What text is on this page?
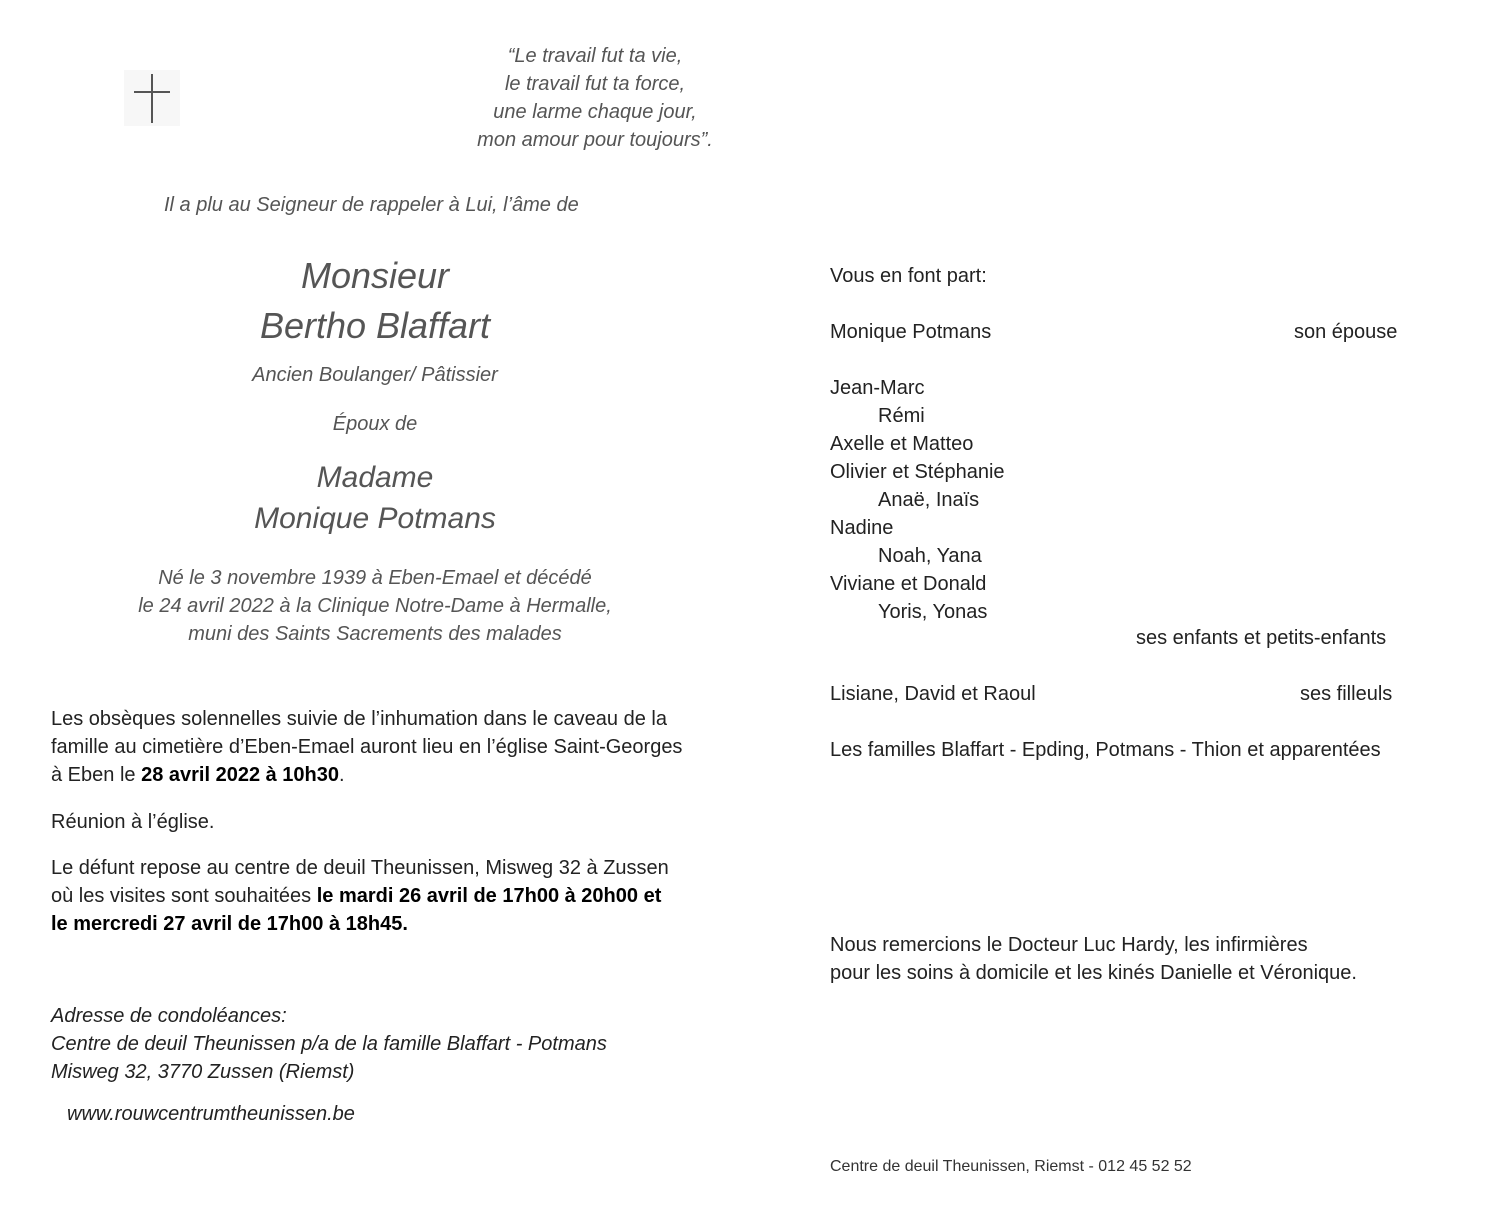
“Le travail fut ta vie,
le travail fut ta force,
une larme chaque jour,
mon amour pour toujours”.
Il a plu au Seigneur de rappeler à Lui, l’âme de
Monsieur
Bertho Blaffart
Ancien Boulanger/ Pâtissier
Époux de
Madame
Monique Potmans
Né le 3 novembre 1939 à Eben-Emael et décédé
le 24 avril 2022 à la Clinique Notre-Dame à Hermalle,
muni des Saints Sacrements des malades
Les obsèques solennelles suivie de l’inhumation dans le caveau de la
famille au cimetière d’Eben-Emael auront lieu en l’église Saint-Georges
à Eben le 28 avril 2022 à 10h30.
Réunion à l’église.
Le défunt repose au centre de deuil Theunissen, Misweg 32 à Zussen
où les visites sont souhaitées le mardi 26 avril de 17h00 à 20h00 et
le mercredi 27 avril de 17h00 à 18h45.
Adresse de condoléances:
Centre de deuil Theunissen p/a de la famille Blaffart - Potmans
Misweg 32, 3770 Zussen (Riemst)
www.rouwcentrumtheunissen.be
Vous en font part:
Monique Potmans	son épouse
Jean-Marc
Rémi
Axelle et Matteo
Olivier et Stéphanie
Anaë, Inaïs
Nadine
Noah, Yana
Viviane et Donald
Yoris, Yonas
ses enfants et petits-enfants
Lisiane, David et Raoul	ses filleuls
Les familles Blaffart - Epding, Potmans - Thion et apparentées
Nous remercions le Docteur Luc Hardy, les infirmières
pour les soins à domicile et les kinés Danielle et Véronique.
Centre de deuil Theunissen, Riemst - 012 45 52 52
